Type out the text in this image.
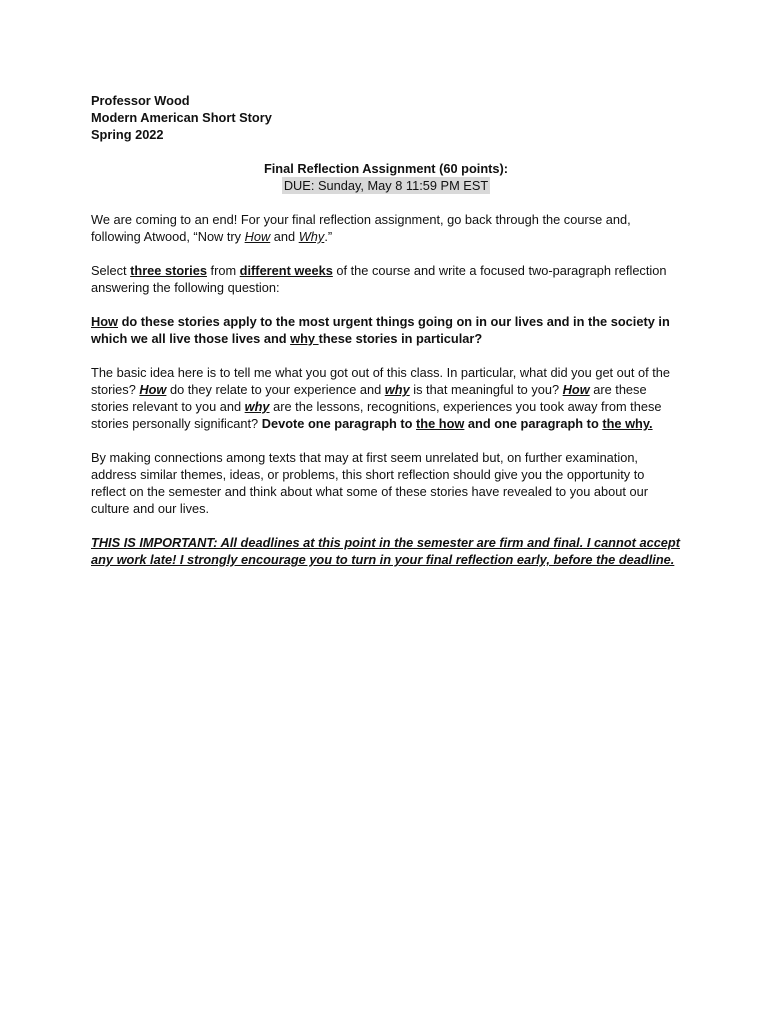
Professor Wood
Modern American Short Story
Spring 2022
Final Reflection Assignment (60 points):
DUE: Sunday, May 8 11:59 PM EST

We are coming to an end! For your final reflection assignment, go back through the course and, following Atwood, “Now try How and Why.”

Select three stories from different weeks of the course and write a focused two-paragraph reflection answering the following question:

How do these stories apply to the most urgent things going on in our lives and in the society in which we all live those lives and why these stories in particular?

The basic idea here is to tell me what you got out of this class. In particular, what did you get out of the stories? How do they relate to your experience and why is that meaningful to you? How are these stories relevant to you and why are the lessons, recognitions, experiences you took away from these stories personally significant? Devote one paragraph to the how and one paragraph to the why.

By making connections among texts that may at first seem unrelated but, on further examination, address similar themes, ideas, or problems, this short reflection should give you the opportunity to reflect on the semester and think about what some of these stories have revealed to you about our culture and our lives.

THIS IS IMPORTANT: All deadlines at this point in the semester are firm and final. I cannot accept any work late! I strongly encourage you to turn in your final reflection early, before the deadline.
